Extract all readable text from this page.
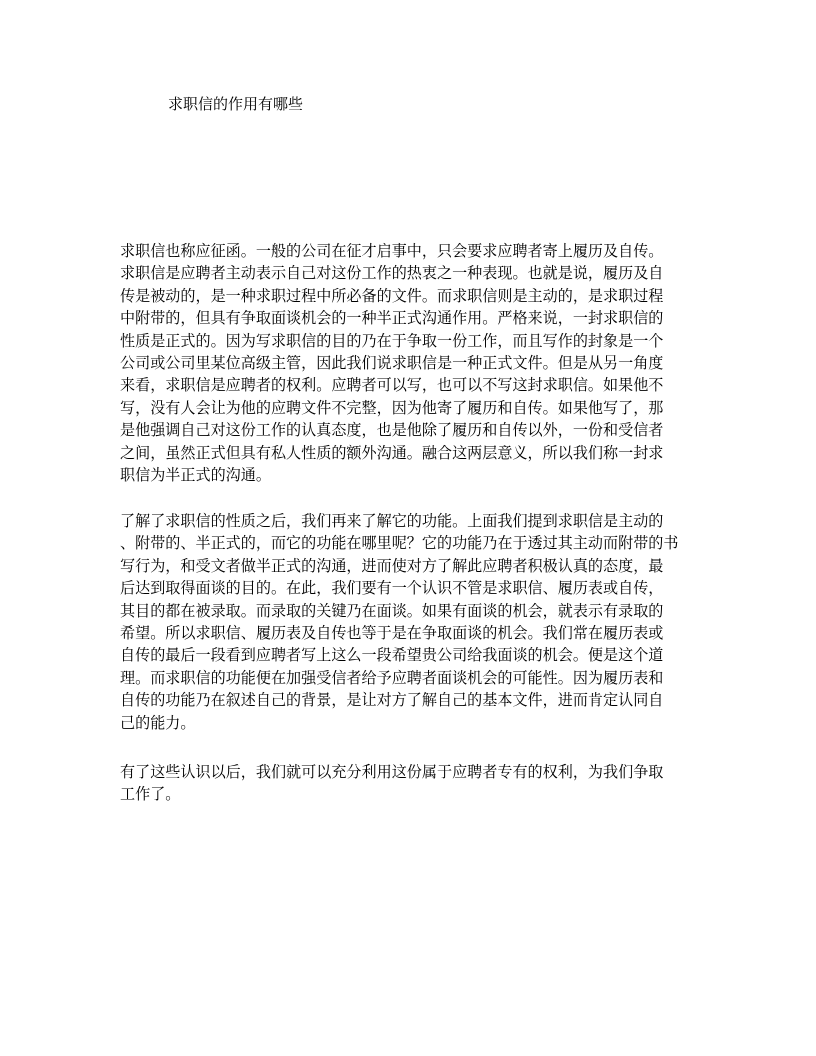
求职信的作用有哪些
求职信也称应征函。一般的公司在征才启事中，只会要求应聘者寄上履历及自传。
求职信是应聘者主动表示自己对这份工作的热衷之一种表现。也就是说，履历及自
传是被动的，是一种求职过程中所必备的文件。而求职信则是主动的，是求职过程
中附带的，但具有争取面谈机会的一种半正式沟通作用。严格来说，一封求职信的
性质是正式的。因为写求职信的目的乃在于争取一份工作，而且写作的封象是一个
公司或公司里某位高级主管，因此我们说求职信是一种正式文件。但是从另一角度
来看，求职信是应聘者的权利。应聘者可以写，也可以不写这封求职信。如果他不
写，没有人会让为他的应聘文件不完整，因为他寄了履历和自传。如果他写了，那
是他强调自己对这份工作的认真态度，也是他除了履历和自传以外，一份和受信者
之间，虽然正式但具有私人性质的额外沟通。融合这两层意义，所以我们称一封求
职信为半正式的沟通。
了解了求职信的性质之后，我们再来了解它的功能。上面我们提到求职信是主动的
、附带的、半正式的，而它的功能在哪里呢？它的功能乃在于透过其主动而附带的书
写行为，和受文者做半正式的沟通，进而使对方了解此应聘者积极认真的态度，最
后达到取得面谈的目的。在此，我们要有一个认识不管是求职信、履历表或自传，
其目的都在被录取。而录取的关键乃在面谈。如果有面谈的机会，就表示有录取的
希望。所以求职信、履历表及自传也等于是在争取面谈的机会。我们常在履历表或
自传的最后一段看到应聘者写上这么一段希望贵公司给我面谈的机会。便是这个道
理。而求职信的功能便在加强受信者给予应聘者面谈机会的可能性。因为履历表和
自传的功能乃在叙述自己的背景，是让对方了解自己的基本文件，进而肯定认同自
己的能力。
有了这些认识以后，我们就可以充分利用这份属于应聘者专有的权利，为我们争取
工作了。
